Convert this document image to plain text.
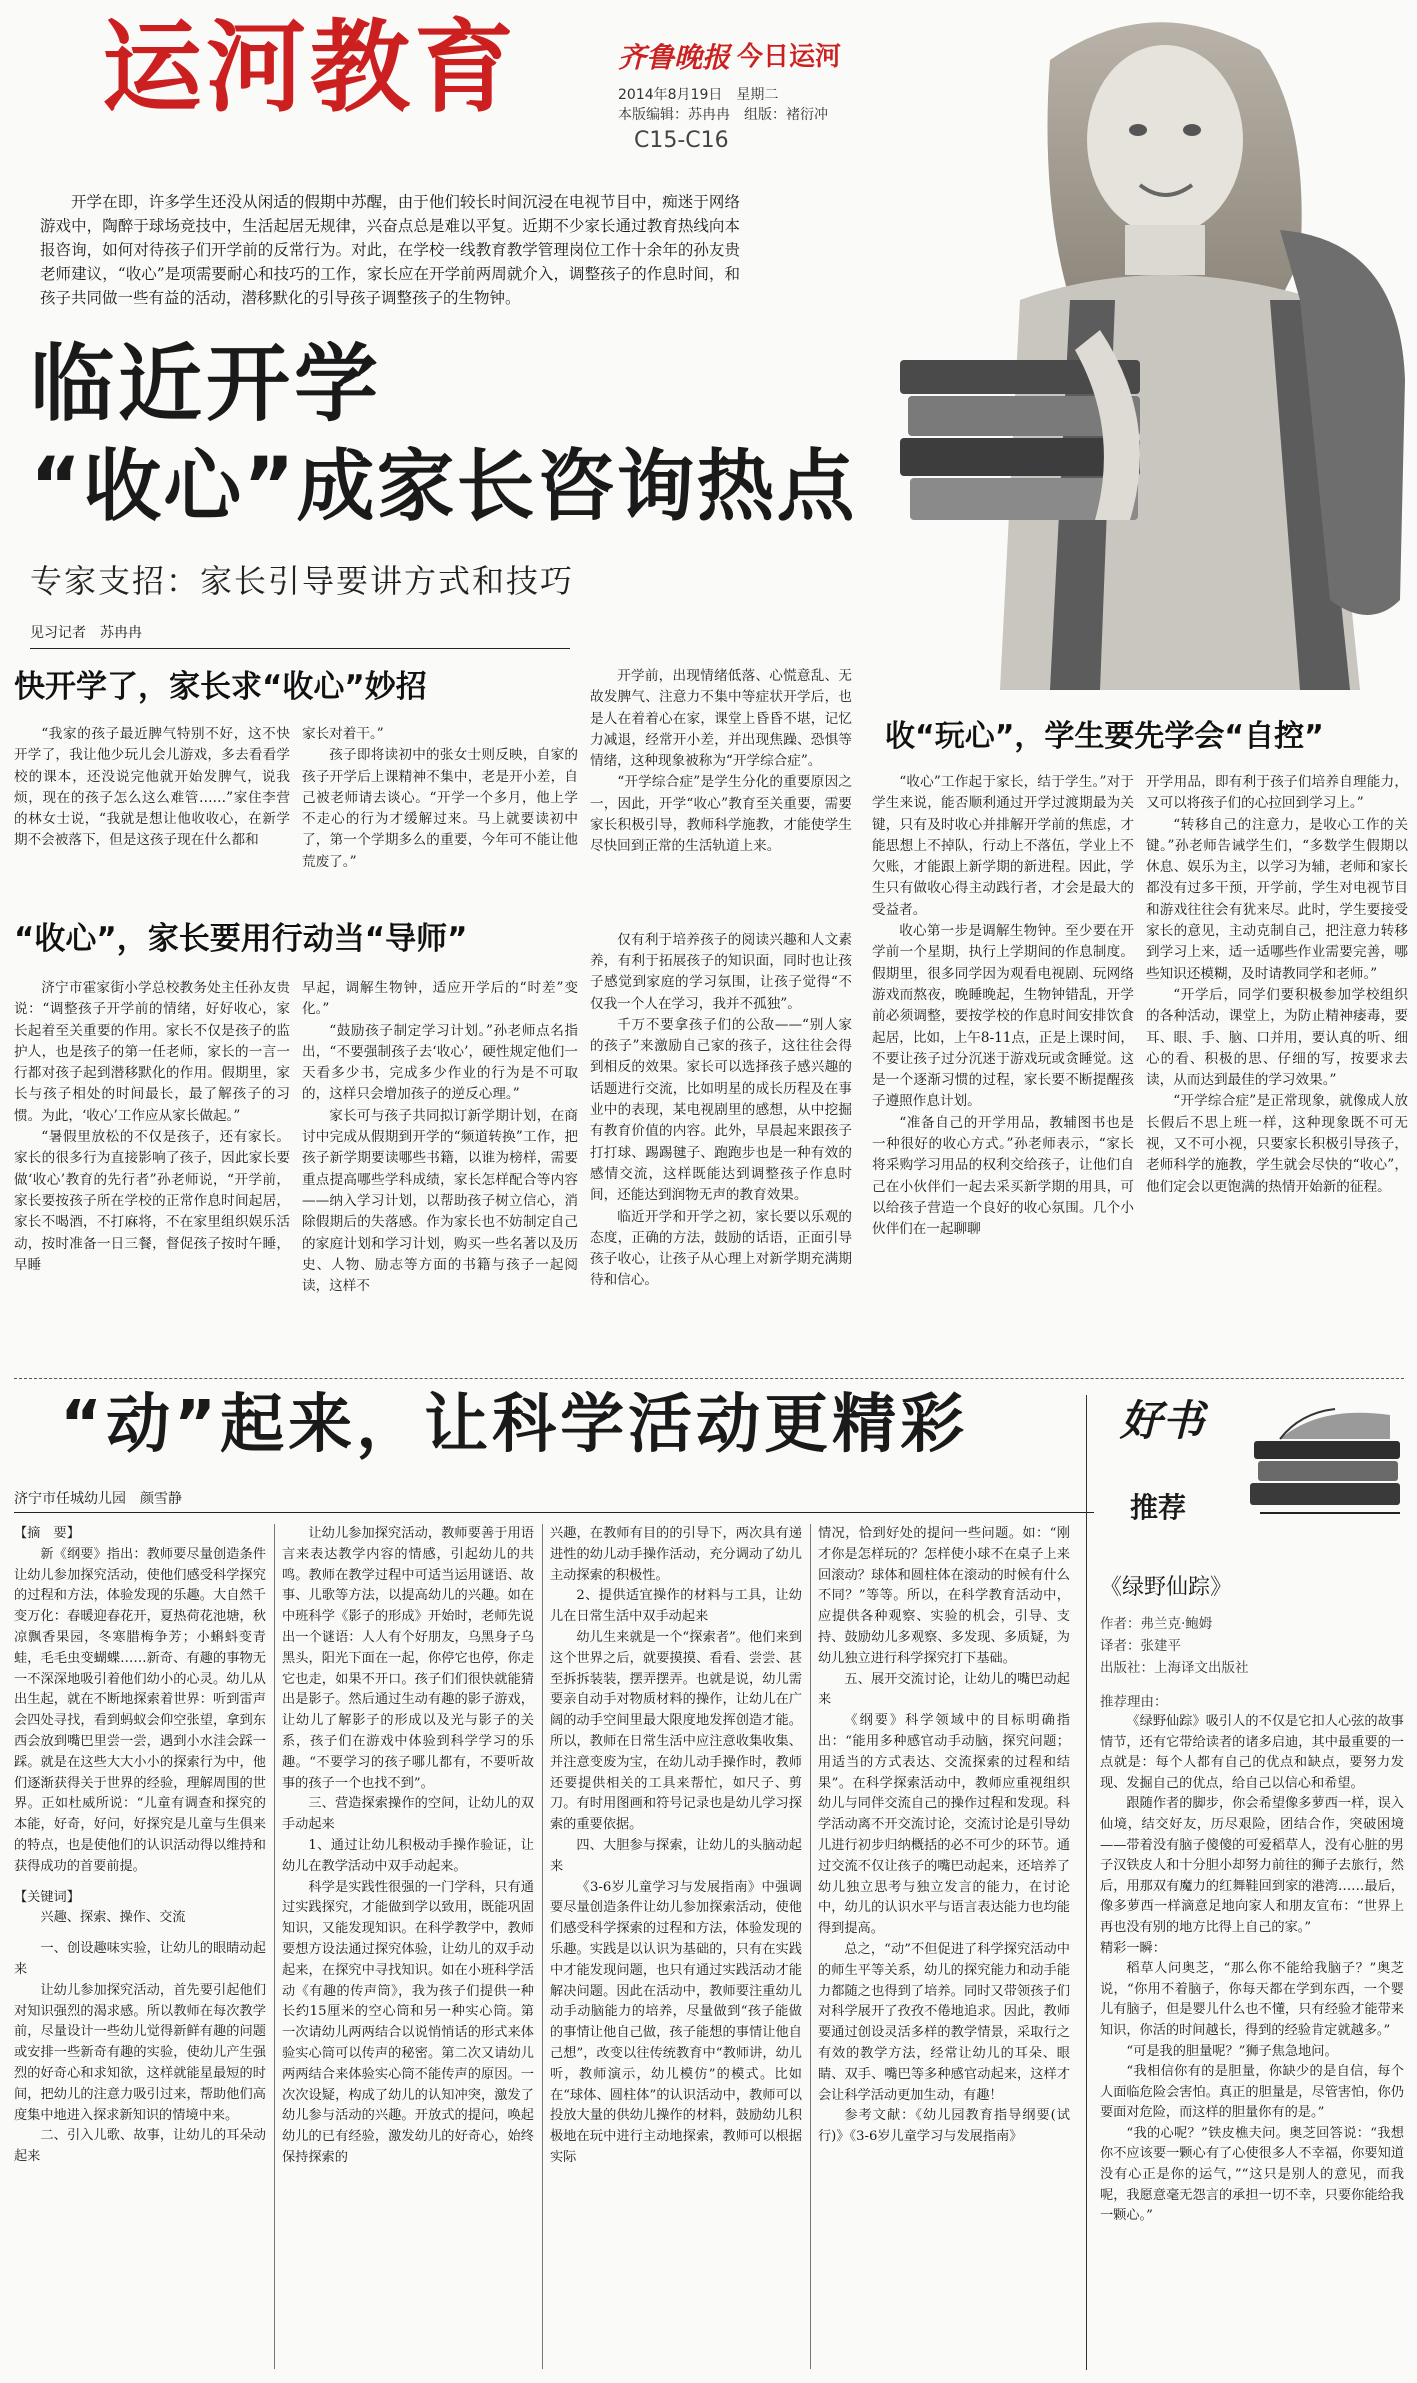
运河教育	齐鲁晚报 今日运河
2014年8月19日　星期二
本版编辑：苏冉冉　组版：褚衍冲
C15-C16
开学在即，许多学生还没从闲适的假期中苏醒，由于他们较长时间沉浸在电视节目中，痴迷于网络游戏中，陶醉于球场竞技中，生活起居无规律，兴奋点总是难以平复。近期不少家长通过教育热线向本报咨询，如何对待孩子们开学前的反常行为。对此，在学校一线教育教学管理岗位工作十余年的孙友贵老师建议，“收心”是项需要耐心和技巧的工作，家长应在开学前两周就介入，调整孩子的作息时间，和孩子共同做一些有益的活动，潜移默化的引导孩子调整孩子的生物钟。
临近开学
“收心”成家长咨询热点
专家支招：家长引导要讲方式和技巧
见习记者　苏冉冉
快开学了，家长求“收心”妙招

“我家的孩子最近脾气特别不好，这不快开学了，我让他少玩儿会儿游戏，多去看看学校的课本，还没说完他就开始发脾气，说我烦，现在的孩子怎么这么难管……”家住李营的林女士说，“我就是想让他收收心，在新学期不会被落下，但是这孩子现在什么都和

家长对着干。”

孩子即将读初中的张女士则反映，自家的孩子开学后上课精神不集中，老是开小差，自己被老师请去谈心。“开学一个多月，他上学不走心的行为才缓解过来。马上就要读初中了，第一个学期多么的重要，今年可不能让他荒废了。”

“收心”，家长要用行动当“导师”

济宁市霍家街小学总校教务处主任孙友贵说：“调整孩子开学前的情绪，好好收心，家长起着至关重要的作用。家长不仅是孩子的监护人，也是孩子的第一任老师，家长的一言一行都对孩子起到潜移默化的作用。假期里，家长与孩子相处的时间最长，最了解孩子的习惯。为此，‘收心’工作应从家长做起。”

“暑假里放松的不仅是孩子，还有家长。家长的很多行为直接影响了孩子，因此家长要做‘收心’教育的先行者”孙老师说，“开学前，家长要按孩子所在学校的正常作息时间起居，家长不喝酒，不打麻将，不在家里组织娱乐活动，按时准备一日三餐，督促孩子按时午睡，早睡

早起，调解生物钟，适应开学后的“时差”变化。”

“鼓励孩子制定学习计划。”孙老师点名指出，“不要强制孩子去‘收心’，硬性规定他们一天看多少书，完成多少作业的行为是不可取的，这样只会增加孩子的逆反心理。”

家长可与孩子共同拟订新学期计划，在商讨中完成从假期到开学的“频道转换”工作，把孩子新学期要读哪些书籍，以谁为榜样，需要重点提高哪些学科成绩，家长怎样配合等内容——纳入学习计划，以帮助孩子树立信心，消除假期后的失落感。作为家长也不妨制定自己的家庭计划和学习计划，购买一些名著以及历史、人物、励志等方面的书籍与孩子一起阅读，这样不

开学前，出现情绪低落、心慌意乱、无故发脾气、注意力不集中等症状开学后，也是人在着着心在家，课堂上昏昏不堪，记忆力减退，经常开小差，并出现焦躁、恐惧等情绪，这种现象被称为“开学综合症”。

“开学综合症”是学生分化的重要原因之一，因此，开学“收心”教育至关重要，需要家长积极引导，教师科学施教，才能使学生尽快回到正常的生活轨道上来。

仅有利于培养孩子的阅读兴趣和人文素养，有利于拓展孩子的知识面，同时也让孩子感觉到家庭的学习氛围，让孩子觉得“不仅我一个人在学习，我并不孤独”。

千万不要拿孩子们的公敌——“别人家的孩子”来激励自己家的孩子，这往往会得到相反的效果。家长可以选择孩子感兴趣的话题进行交流，比如明星的成长历程及在事业中的表现，某电视剧里的感想，从中挖掘有教育价值的内容。此外，早晨起来跟孩子打打球、踢踢毽子、跑跑步也是一种有效的感情交流，这样既能达到调整孩子作息时间，还能达到润物无声的教育效果。

临近开学和开学之初，家长要以乐观的态度，正确的方法，鼓励的话语，正面引导孩子收心，让孩子从心理上对新学期充满期待和信心。

收“玩心”，学生要先学会“自控”

“收心”工作起于家长，结于学生。”对于学生来说，能否顺利通过开学过渡期最为关键，只有及时收心并排解开学前的焦虑，才能思想上不掉队，行动上不落伍，学业上不欠账，才能跟上新学期的新进程。因此，学生只有做收心得主动践行者，才会是最大的受益者。

收心第一步是调解生物钟。至少要在开学前一个星期，执行上学期间的作息制度。假期里，很多同学因为观看电视剧、玩网络游戏而熬夜，晚睡晚起，生物钟错乱，开学前必须调整，要按学校的作息时间安排饮食起居，比如，上午8-11点，正是上课时间，不要让孩子过分沉迷于游戏玩或贪睡觉。这是一个逐渐习惯的过程，家长要不断提醒孩子遵照作息计划。

“准备自己的开学用品，教辅图书也是一种很好的收心方式。”孙老师表示，“家长将采购学习用品的权利交给孩子，让他们自己在小伙伴们一起去采买新学期的用具，可以给孩子营造一个良好的收心氛围。几个小伙伴们在一起聊聊

开学用品，即有利于孩子们培养自理能力，又可以将孩子们的心拉回到学习上。”

“转移自己的注意力，是收心工作的关键。”孙老师告诫学生们，“多数学生假期以休息、娱乐为主，以学习为辅，老师和家长都没有过多干预，开学前，学生对电视节目和游戏往往会有犹来尽。此时，学生要接受家长的意见，主动克制自己，把注意力转移到学习上来，适一适哪些作业需要完善，哪些知识还模糊，及时请教同学和老师。”

“开学后，同学们要积极参加学校组织的各种活动，课堂上，为防止精神痿毒，要耳、眼、手、脑、口并用，要认真的听、细心的看、积极的思、仔细的写，按要求去读，从而达到最佳的学习效果。”

“开学综合症”是正常现象，就像成人放长假后不思上班一样，这种现象既不可无视，又不可小视，只要家长积极引导孩子，老师科学的施教，学生就会尽快的“收心”，他们定会以更饱满的热情开始新的征程。

“动”起来，让科学活动更精彩
济宁市任城幼儿园　颜雪静

【摘　要】

新《纲要》指出：教师要尽量创造条件让幼儿参加探究活动，使他们感受科学探究的过程和方法，体验发现的乐趣。大自然千变万化：春暖迎春花开，夏热荷花池塘，秋凉飘香果园，冬寒腊梅争芳；小蝌蚪变青蛙，毛毛虫变蝴蝶……新奇、有趣的事物无一不深深地吸引着他们幼小的心灵。幼儿从出生起，就在不断地探索着世界：听到雷声会四处寻找，看到蚂蚁会仰空张望，拿到东西会放到嘴巴里尝一尝，遇到小水洼会踩一踩。就是在这些大大小小的探索行为中，他们逐渐获得关于世界的经验，理解周围的世界。正如杜威所说：“儿童有调查和探究的本能，好奇，好问，好探究是儿童与生俱来的特点，也是使他们的认识活动得以维持和获得成功的首要前提。

【关键词】

兴趣、探索、操作、交流

一、创设趣味实验，让幼儿的眼睛动起来

让幼儿参加探究活动，首先要引起他们对知识强烈的渴求感。所以教师在每次教学前，尽量设计一些幼儿觉得新鲜有趣的问题或安排一些新奇有趣的实验，使幼儿产生强烈的好奇心和求知欲，这样就能星最短的时间，把幼儿的注意力吸引过来，帮助他们高度集中地进入探求新知识的情境中来。

二、引入儿歌、故事，让幼儿的耳朵动起来

让幼儿参加探究活动，教师要善于用语言来表达教学内容的情感，引起幼儿的共鸣。教师在教学过程中可适当运用谜语、故事、儿歌等方法，以提高幼儿的兴趣。如在中班科学《影子的形成》开始时，老师先说出一个谜语：人人有个好朋友，乌黑身子乌黑头，阳光下面在一起，你停它也停，你走它也走，如果不开口。孩子们们很快就能猜出是影子。然后通过生动有趣的影子游戏，让幼儿了解影子的形成以及光与影子的关系，孩子们在游戏中体验到科学学习的乐趣。“不要学习的孩子哪儿都有，不要听故事的孩子一个也找不到”。

三、营造探索操作的空间，让幼儿的双手动起来

1、通过让幼儿积极动手操作验证，让幼儿在教学活动中双手动起来。

科学是实践性很强的一门学科，只有通过实践探究，才能做到学以致用，既能巩固知识，又能发现知识。在科学教学中，教师要想方设法通过探究体验，让幼儿的双手动起来，在探究中寻找知识。如在小班科学活动《有趣的传声筒》，我为孩子们提供一种长约15厘米的空心筒和另一种实心筒。第一次请幼儿两两结合以说悄悄话的形式来体验实心筒可以传声的秘密。第二次又请幼儿两两结合来体验实心筒不能传声的原因。一次次设疑，构成了幼儿的认知冲突，激发了幼儿参与活动的兴趣。开放式的提问，唤起幼儿的已有经验，激发幼儿的好奇心，始终保持探索的

兴趣，在教师有目的的引导下，两次具有递进性的幼儿动手操作活动，充分调动了幼儿主动探索的积极性。

2、提供适宜操作的材料与工具，让幼儿在日常生活中双手动起来

幼儿生来就是一个“探索者”。他们来到这个世界之后，就要摸摸、看看、尝尝、甚至拆拆装装，摆弄摆弄。也就是说，幼儿需要亲自动手对物质材料的操作，让幼儿在广阔的动手空间里最大限度地发挥创造才能。所以，教师在日常生活中应注意收集收集、并注意变废为宝，在幼儿动手操作时，教师还要提供相关的工具来帮忙，如尺子、剪刀。有时用图画和符号记录也是幼儿学习探索的重要依据。

四、大胆参与探索，让幼儿的头脑动起来

《3-6岁儿童学习与发展指南》中强调要尽量创造条件让幼儿参加探索活动，使他们感受科学探索的过程和方法，体验发现的乐趣。实践是以认识为基础的，只有在实践中才能发现问题，也只有通过实践活动才能解决问题。因此在活动中，教师要注重幼儿动手动脑能力的培养，尽量做到“孩子能做的事情让他自己做，孩子能想的事情让他自己想”，改变以往传统教育中“教师讲，幼儿听，教师演示，幼儿模仿”的模式。比如在“球体、圆柱体”的认识活动中，教师可以投放大量的供幼儿操作的材料，鼓励幼儿积极地在玩中进行主动地探索，教师可以根据实际

情况，恰到好处的提问一些问题。如：“刚才你是怎样玩的？怎样使小球不在桌子上来回滚动？球体和圆柱体在滚动的时候有什么不同？”等等。所以，在科学教育活动中，应提供各种观察、实验的机会，引导、支持、鼓励幼儿多观察、多发现、多质疑，为幼儿独立进行科学探究打下基础。

五、展开交流讨论，让幼儿的嘴巴动起来

《纲要》科学领域中的目标明确指出：“能用多种感官动手动脑，探究问题；用适当的方式表达、交流探索的过程和结果”。在科学探索活动中，教师应重视组织幼儿与同伴交流自己的操作过程和发现。科学活动离不开交流讨论，交流讨论是引导幼儿进行初步归纳概括的必不可少的环节。通过交流不仅让孩子的嘴巴动起来，还培养了幼儿独立思考与独立发言的能力，在讨论中，幼儿的认识水平与语言表达能力也均能得到提高。

总之，“动”不但促进了科学探究活动中的师生平等关系，幼儿的探究能力和动手能力都随之也得到了培养。同时又带领孩子们对科学展开了孜孜不倦地追求。因此，教师要通过创设灵活多样的教学情景，采取行之有效的教学方法，经常让幼儿的耳朵、眼睛、双手、嘴巴等多种感官动起来，这样才会让科学活动更加生动，有趣！

参考文献：《幼儿园教育指导纲要(试行)》《3-6岁儿童学习与发展指南》

好书
推荐
《绿野仙踪》
作者：弗兰克·鲍姆
译者：张建平
出版社：上海译文出版社
推荐理由：

《绿野仙踪》吸引人的不仅是它扣人心弦的故事情节，还有它带给读者的诸多启迪，其中最重要的一点就是：每个人都有自己的优点和缺点，要努力发现、发掘自己的优点，给自己以信心和希望。

跟随作者的脚步，你会希望像多萝西一样，误入仙境，结交好友，历尽艰险，团结合作，突破困境——带着没有脑子傻傻的可爱稻草人，没有心脏的男子汉铁皮人和十分胆小却努力前往的狮子去旅行，然后，用那双有魔力的红舞鞋回到家的港湾……最后，像多萝西一样滴意足地向家人和朋友宣布：“世界上再也没有别的地方比得上自己的家。”

精彩一瞬：

稻草人问奥芝，“那么你不能给我脑子？”奥芝说，“你用不着脑子，你每天都在学到东西，一个婴儿有脑子，但是婴儿什么也不懂，只有经验才能带来知识，你活的时间越长，得到的经验肯定就越多。”

“可是我的胆量呢？”狮子焦急地问。

“我相信你有的是胆量，你缺少的是自信，每个人面临危险会害怕。真正的胆量是，尽管害怕，你仍要面对危险，而这样的胆量你有的是。”

“我的心呢？”铁皮樵夫问。奥芝回答说：“我想你不应该要一颗心有了心使很多人不幸福，你要知道没有心正是你的运气，”“这只是别人的意见，而我呢，我愿意毫无怨言的承担一切不幸，只要你能给我一颗心。”
